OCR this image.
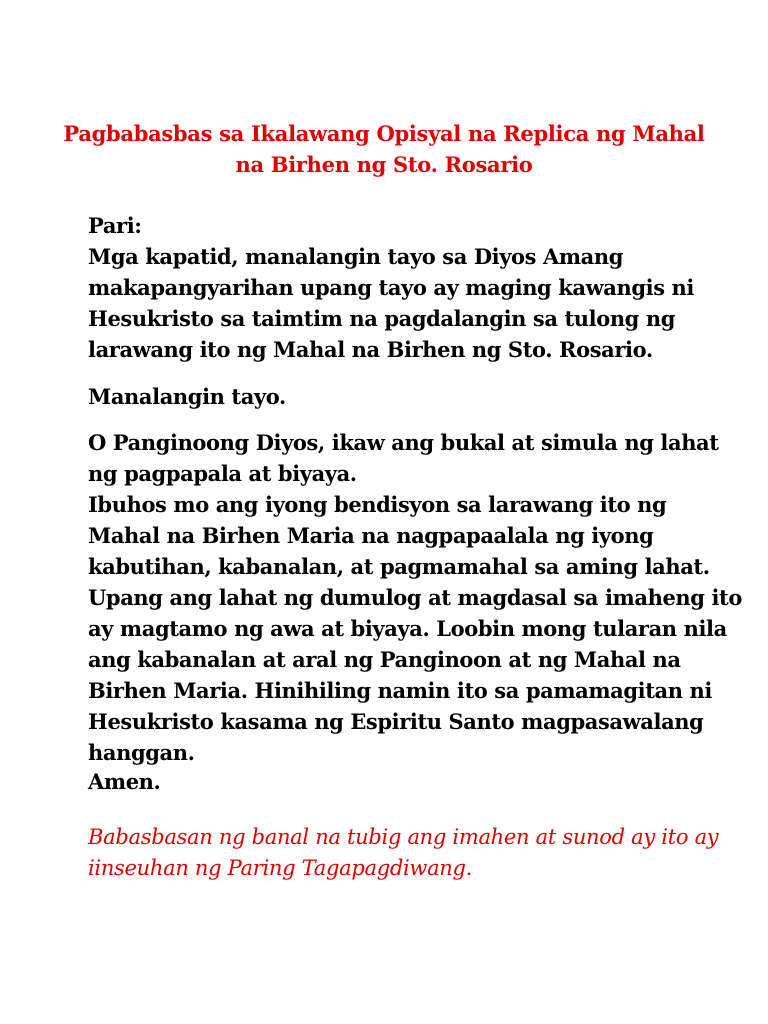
Pagbabasbas sa Ikalawang Opisyal na Replica ng Mahal
na Birhen ng Sto. Rosario
Pari:
Mga kapatid, manalangin tayo sa Diyos Amang
makapangyarihan upang tayo ay maging kawangis ni
Hesukristo sa taimtim na pagdalangin sa tulong ng
larawang ito ng Mahal na Birhen ng Sto. Rosario.
Manalangin tayo.
O Panginoong Diyos, ikaw ang bukal at simula ng lahat
ng pagpapala at biyaya.
Ibuhos mo ang iyong bendisyon sa larawang ito ng
Mahal na Birhen Maria na nagpapaalala ng iyong
kabutihan, kabanalan, at pagmamahal sa aming lahat.
Upang ang lahat ng dumulog at magdasal sa imaheng ito
ay magtamo ng awa at biyaya. Loobin mong tularan nila
ang kabanalan at aral ng Panginoon at ng Mahal na
Birhen Maria. Hinihiling namin ito sa pamamagitan ni
Hesukristo kasama ng Espiritu Santo magpasawalang
hanggan.
Amen.
Babasbasan ng banal na tubig ang imahen at sunod ay ito ay
iinseuhan ng Paring Tagapagdiwang.
